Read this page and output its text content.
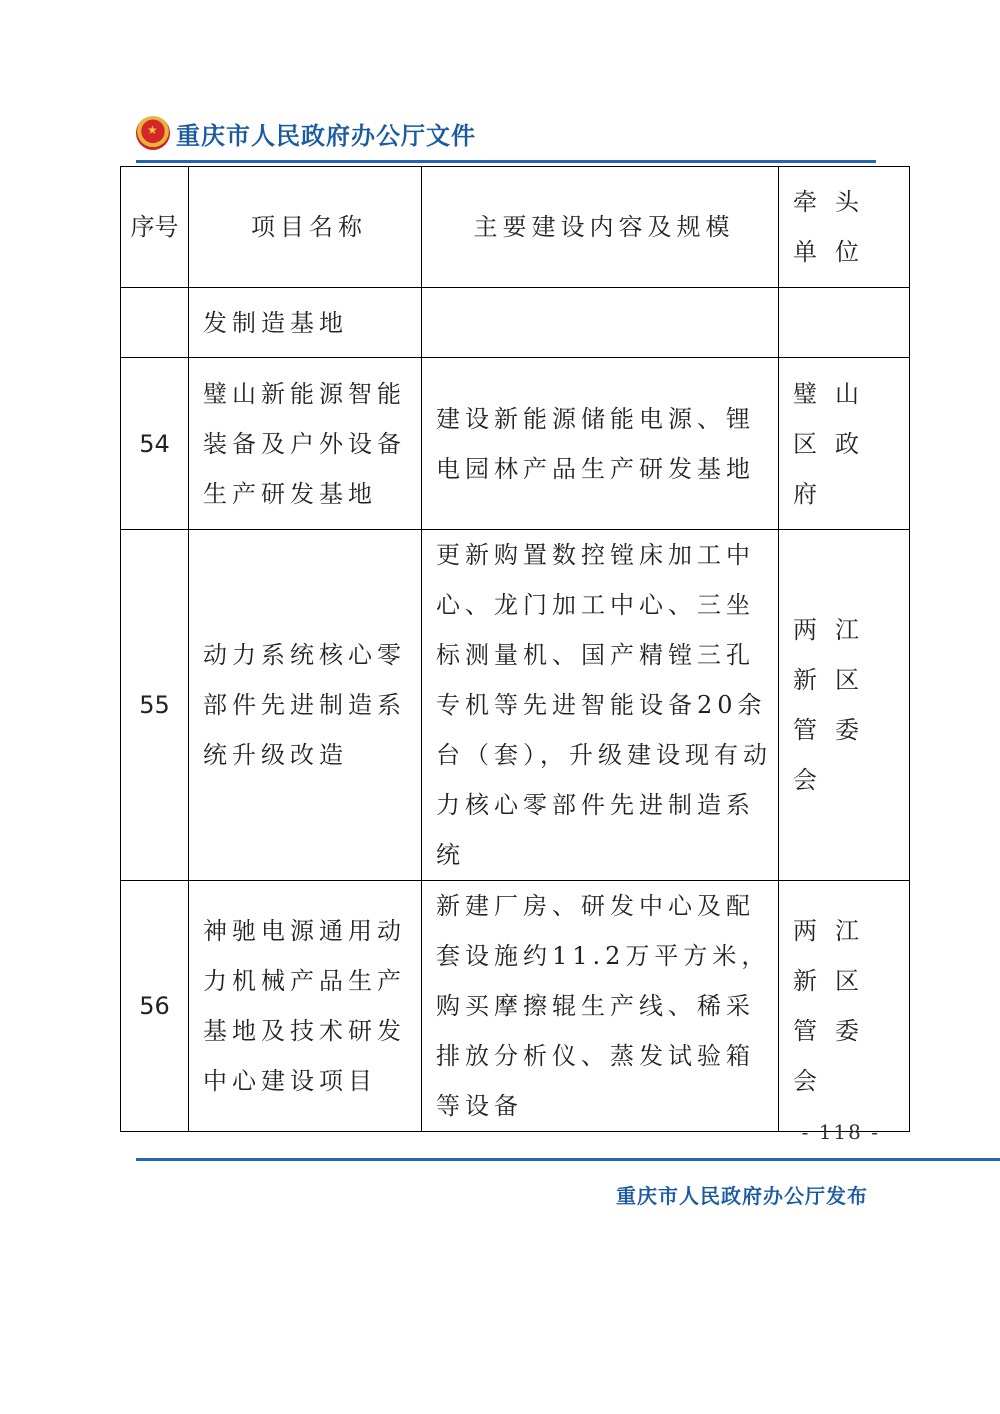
★ 重庆市人民政府办公厅文件
序号	项目名称	主要建设内容及规模	牵头单位
	发制造基地		
54	璧山新能源智能装备及户外设备生产研发基地	建设新能源储能电源、锂电园林产品生产研发基地	璧山区政府
55	动力系统核心零部件先进制造系统升级改造	更新购置数控镗床加工中心、龙门加工中心、三坐标测量机、国产精镗三孔专机等先进智能设备20余台（套），升级建设现有动力核心零部件先进制造系统	两江新区管委会
56	神驰电源通用动力机械产品生产基地及技术研发中心建设项目	新建厂房、研发中心及配套设施约11.2万平方米，购买摩擦辊生产线、稀采排放分析仪、蒸发试验箱等设备	两江新区管委会
- 118 -
重庆市人民政府办公厅发布
